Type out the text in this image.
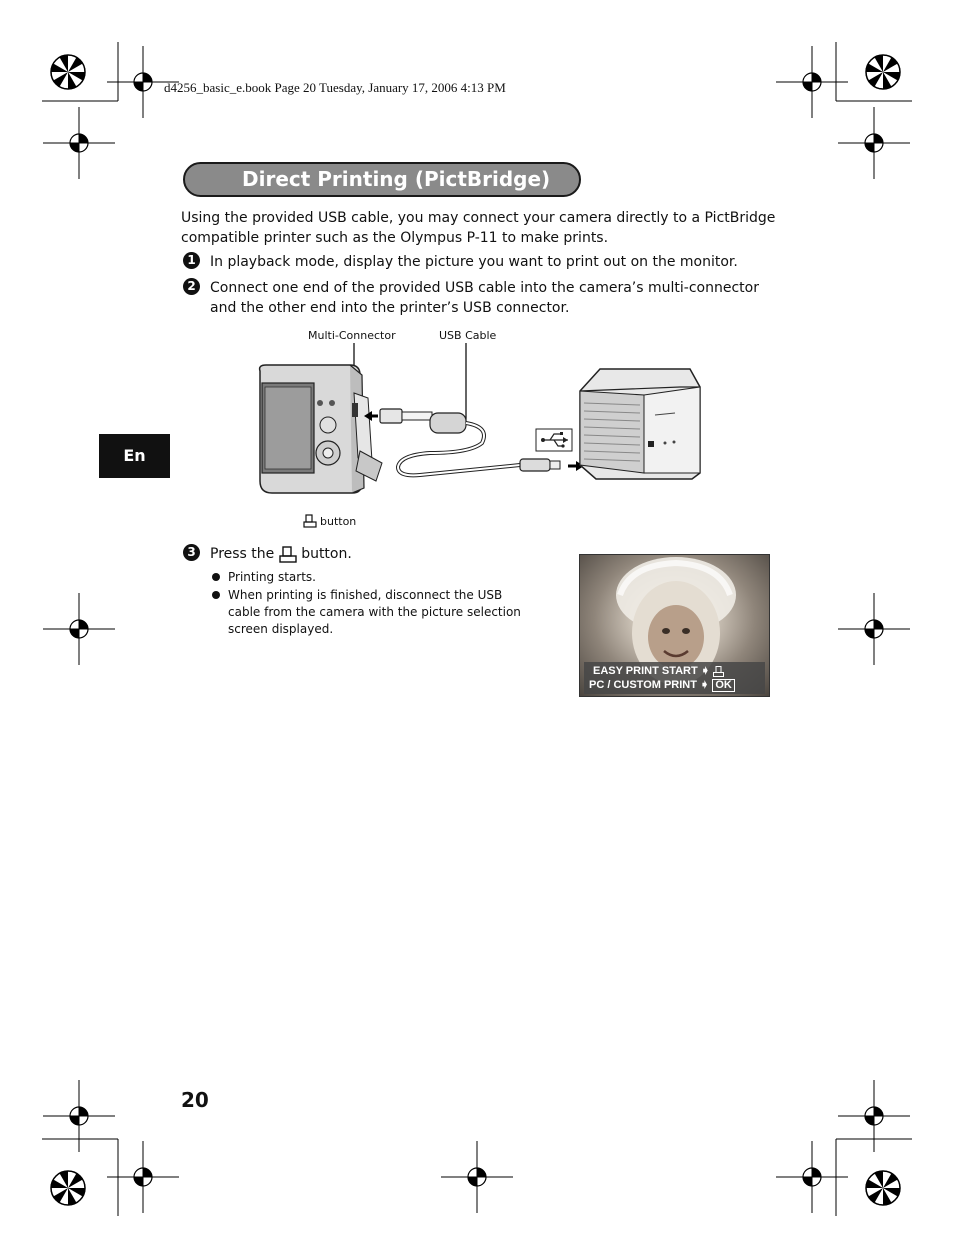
d4256_basic_e.book Page 20 Tuesday, January 17, 2006 4:13 PM
Direct Printing (PictBridge)
Using the provided USB cable, you may connect your camera directly to a PictBridge
compatible printer such as the Olympus P-11 to make prints.
1	In playback mode, display the picture you want to print out on the monitor.
2	Connect one end of the provided USB cable into the camera’s multi-connector
and the other end into the printer’s USB connector.
Multi-Connector	USB Cable
button
3	Press the button.
Printing starts.
When printing is finished, disconnect the USB
cable from the camera with the picture selection
screen displayed.
EASY PRINT START ➧
PC / CUSTOM PRINT ➧ OK
En
20
